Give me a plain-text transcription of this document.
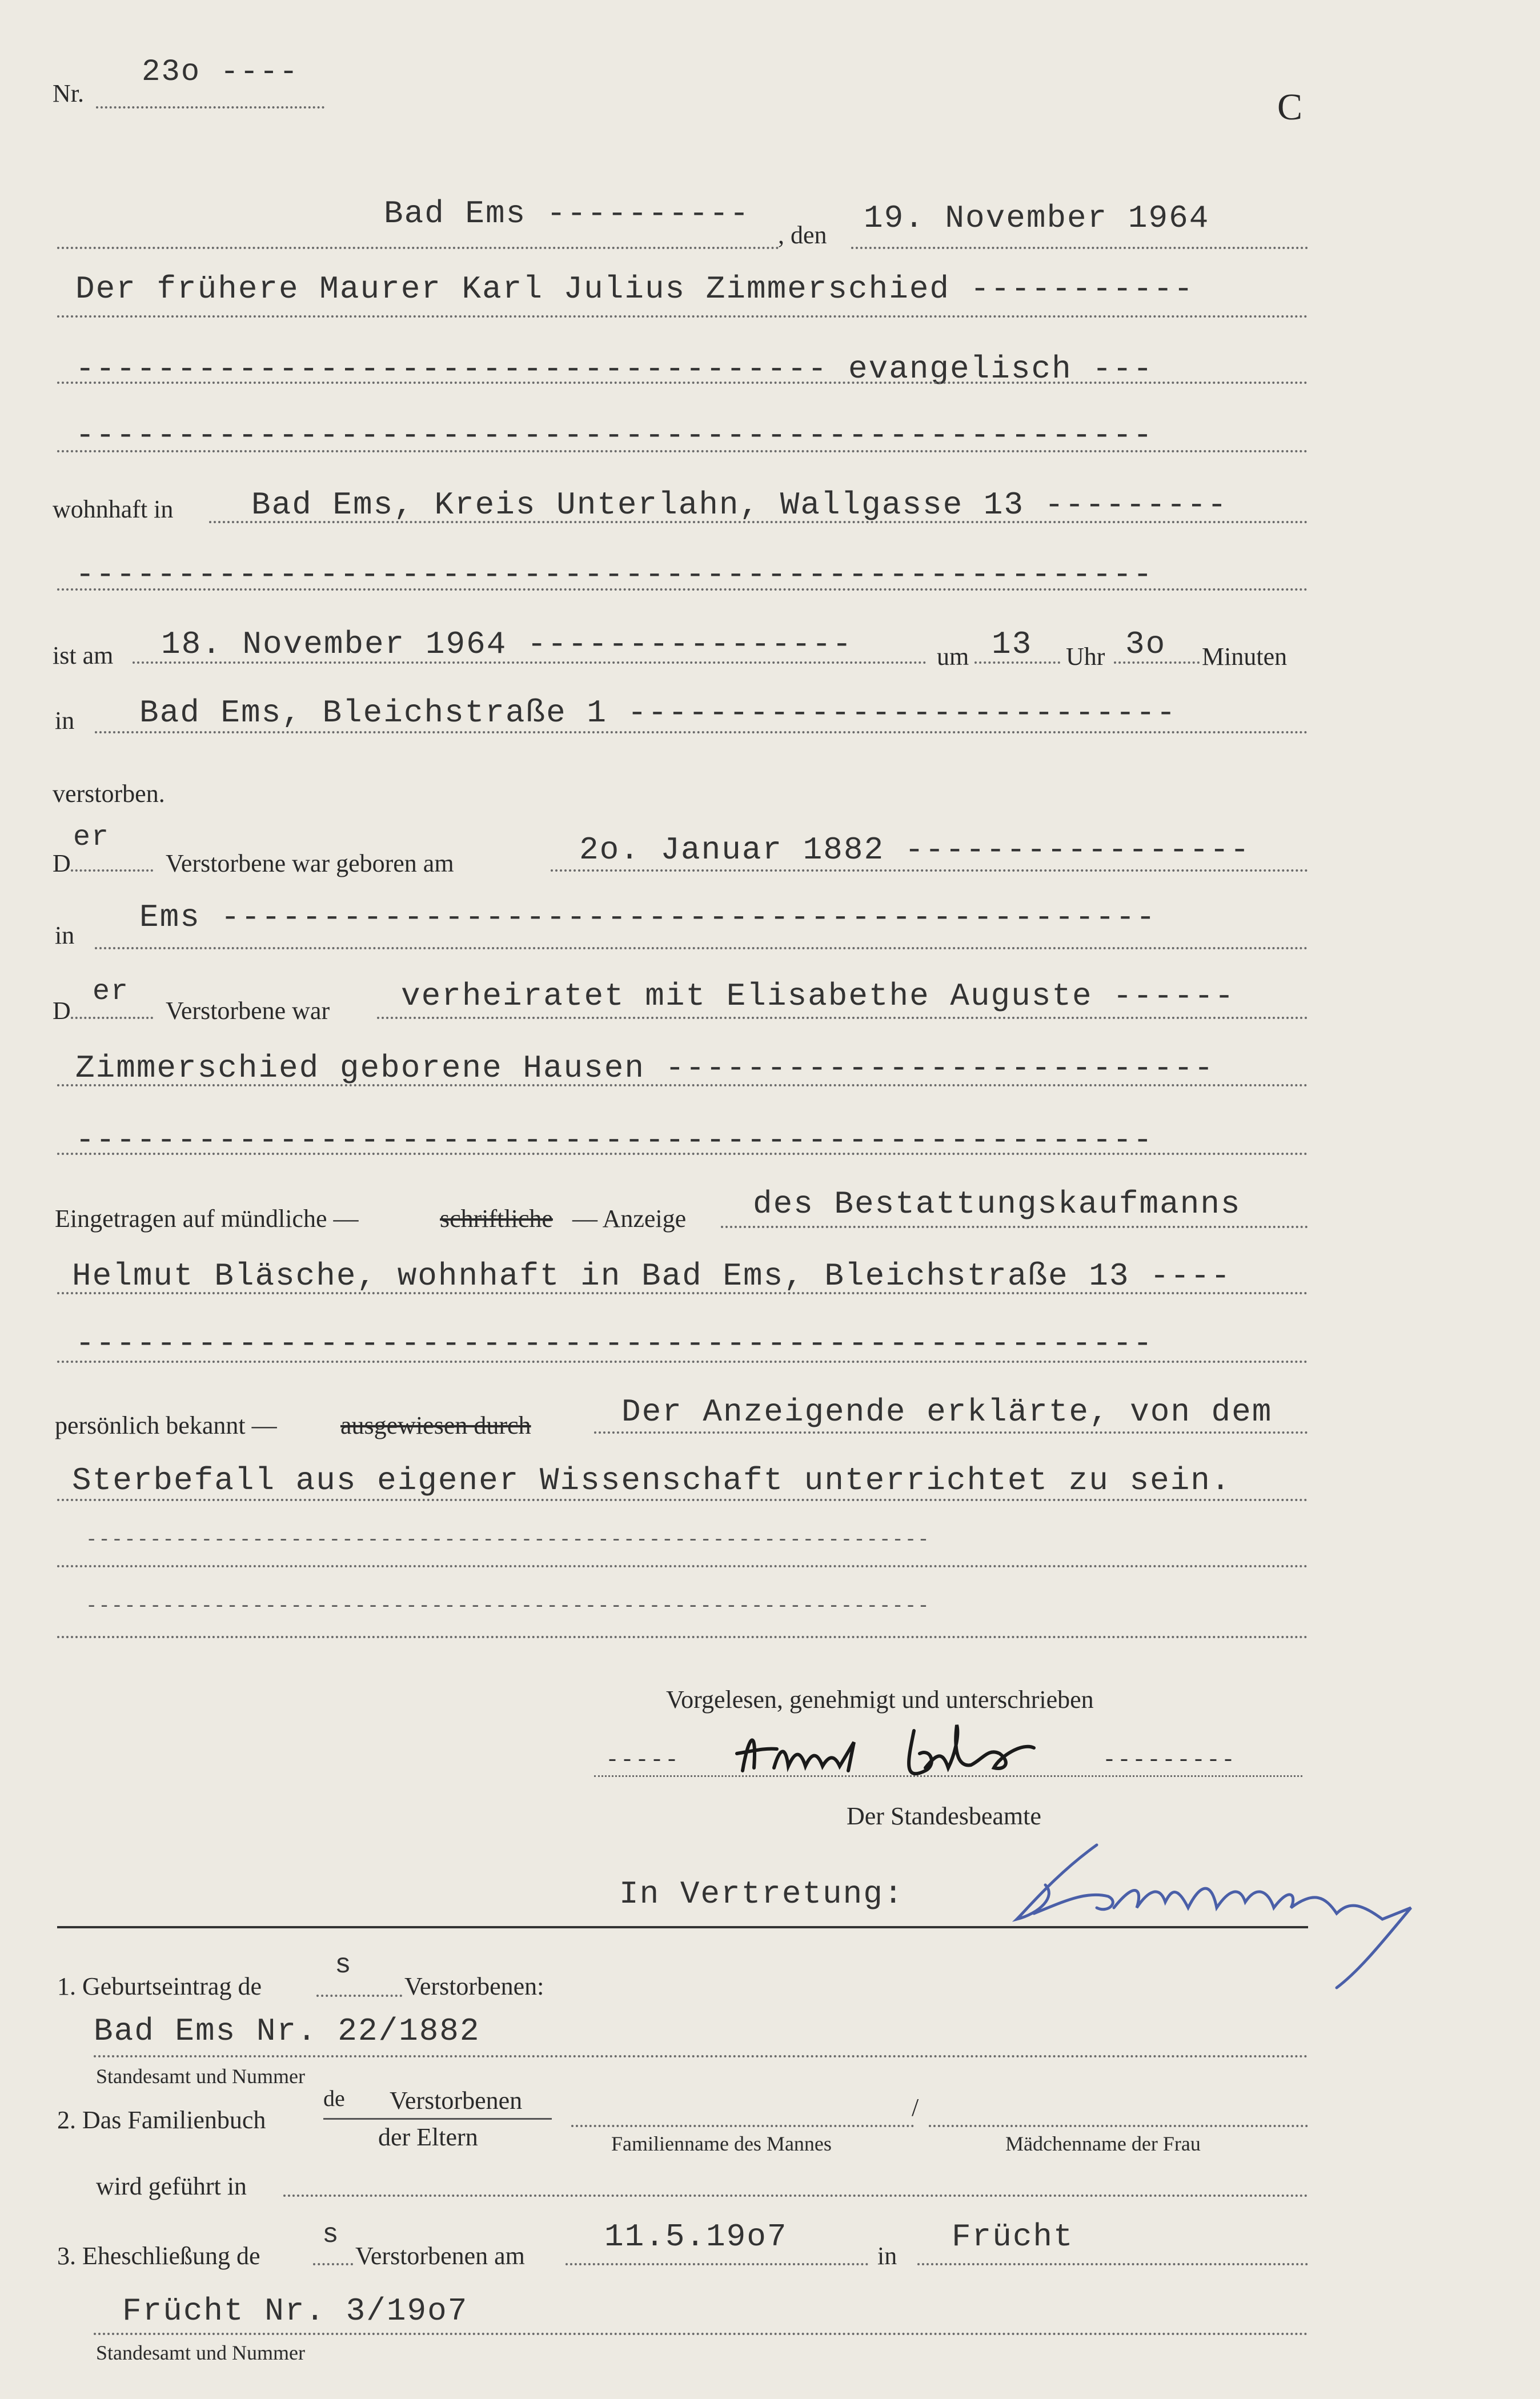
Nr.
23o ----
C
Bad Ems ----------
, den 19. November 1964
Der frühere Maurer Karl Julius Zimmerschied -----------
------------------------------------- evangelisch ---
-----------------------------------------------------
wohnhaft in Bad Ems, Kreis Unterlahn, Wallgasse 13 ---------
-----------------------------------------------------
ist am 18. November 1964 ----------------	um 13 Uhr 3o Minuten
in Bad Ems, Bleichstraße 1 ---------------------------
verstorben.
D
er
Verstorbene war geboren am	2o. Januar 1882 -----------------
in Ems ----------------------------------------------
D
er
Verstorbene war verheiratet mit Elisabethe Auguste ------
Zimmerschied geborene Hausen ---------------------------
-----------------------------------------------------
Eingetragen auf mündliche —	schriftliche — Anzeige des Bestattungskaufmanns
Helmut Bläsche, wohnhaft in Bad Ems, Bleichstraße 13 ----
-----------------------------------------------------
persönlich bekannt —	ausgewiesen durch	Der Anzeigende erklärte, von dem
Sterbefall aus eigener Wissenschaft unterrichtet zu sein.
------------------------------------------------------------------
------------------------------------------------------------------
Vorgelesen, genehmigt und unterschrieben
-----	---------
Der Standesbeamte
In Vertretung:
1. Geburtseintrag de
s
Verstorbenen:
Bad Ems Nr. 22/1882
Standesamt und Nummer
2. Das Familienbuch
de Verstorbenen
der Eltern
/
Familienname des Mannes	Mädchenname der Frau
wird geführt in
3. Eheschließung de
s
Verstorbenen am
11.5.19o7
in
Frücht
Frücht Nr. 3/19o7
Standesamt und Nummer
